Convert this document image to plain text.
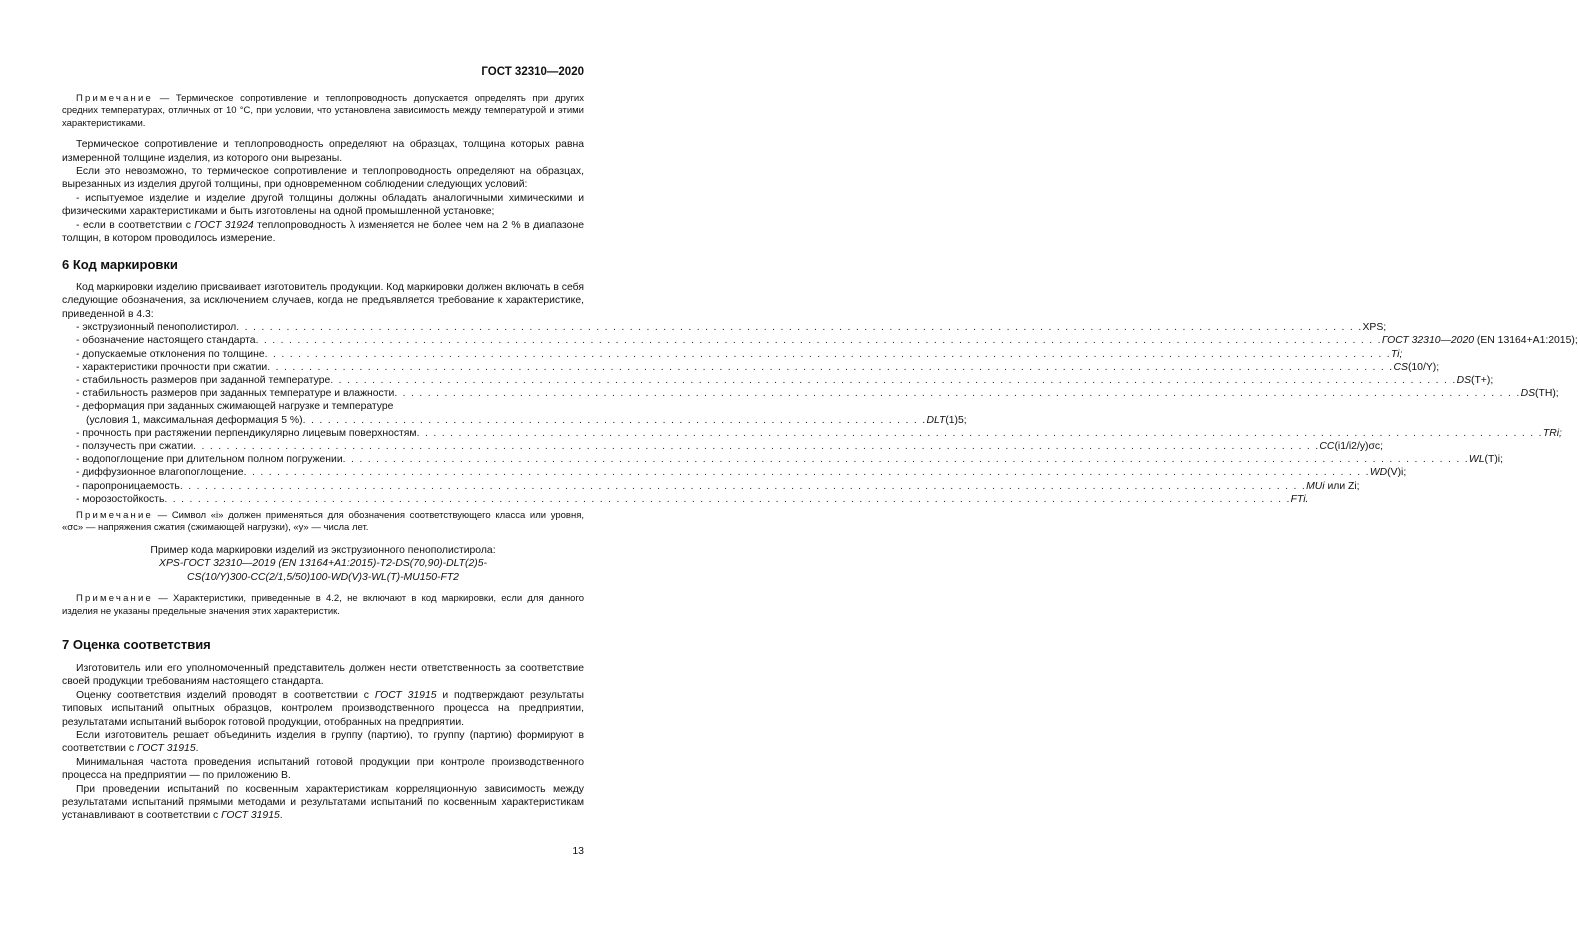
ГОСТ 32310—2020

Примечание — Термическое сопротивление и теплопроводность допускается определять при других средних температурах, отличных от 10 °С, при условии, что установлена зависимость между температурой и этими характеристиками.

Термическое сопротивление и теплопроводность определяют на образцах, толщина которых равна измеренной толщине изделия, из которого они вырезаны.

Если это невозможно, то термическое сопротивление и теплопроводность определяют на образцах, вырезанных из изделия другой толщины, при одновременном соблюдении следующих условий:

- испытуемое изделие и изделие другой толщины должны обладать аналогичными химическими и физическими характеристиками и быть изготовлены на одной промышленной установке;

- если в соответствии с ГОСТ 31924 теплопроводность λ изменяется не более чем на 2 % в диапазоне толщин, в котором проводилось измерение.

6 Код маркировки

Код маркировки изделию присваивает изготовитель продукции. Код маркировки должен включать в себя следующие обозначения, за исключением случаев, когда не предъявляется требование к характеристике, приведенной в 4.3:

- экструзионный пенополистирол . . .	XPS;
- обозначение настоящего стандарта . . .	ГОСТ 32310—2020 (EN 13164+A1:2015);
- допускаемые отклонения по толщине . . .	Ti;
- характеристики прочности при сжатии . . .	CS(10/Y);
- стабильность размеров при заданной температуре . . .	DS(T+);
- стабильность размеров при заданных температуре и влажности . . .	DS(TH);
- деформация при заданных сжимающей нагрузке и температуре
(условия 1, максимальная деформация 5 %) . . . . . . . . . . . . . . . . . . . . . . . . . . . . . . . . . . . . . . . . . . . . . . . . . . . . . . . . . . . . . . . . . . . . . . . . . . . DLT(1)5;
- прочность при растяжении перпендикулярно лицевым поверхностям . . .	TRi;
- ползучесть при сжатии . . .	CC(i1/i2/y)σc;
- водопоглощение при длительном полном погружении . . .	WL(T)i;
- диффузионное влагопоглощение . . .	WD(V)i;
- паропроницаемость . . .	MUi или Zi;
- морозостойкость . . .	FTi.

Примечание — Символ «i» должен применяться для обозначения соответствующего класса или уровня, «σc» — напряжения сжатия (сжимающей нагрузки), «y» — числа лет.

Пример кода маркировки изделий из экструзионного пенополистирола:

XPS-ГОСТ 32310—2019 (EN 13164+A1:2015)-T2-DS(70,90)-DLT(2)5-

CS(10/Y)300-CC(2/1,5/50)100-WD(V)3-WL(T)-MU150-FT2

Примечание — Характеристики, приведенные в 4.2, не включают в код маркировки, если для данного изделия не указаны предельные значения этих характеристик.

7 Оценка соответствия

Изготовитель или его уполномоченный представитель должен нести ответственность за соответствие своей продукции требованиям настоящего стандарта.

Оценку соответствия изделий проводят в соответствии с ГОСТ 31915 и подтверждают результаты типовых испытаний опытных образцов, контролем производственного процесса на предприятии, результатами испытаний выборок готовой продукции, отобранных на предприятии.

Если изготовитель решает объединить изделия в группу (партию), то группу (партию) формируют в соответствии с ГОСТ 31915.

Минимальная частота проведения испытаний готовой продукции при контроле производственного процесса на предприятии — по приложению В.

При проведении испытаний по косвенным характеристикам корреляционную зависимость между результатами испытаний прямыми методами и результатами испытаний по косвенным характеристикам устанавливают в соответствии с ГОСТ 31915.

13
